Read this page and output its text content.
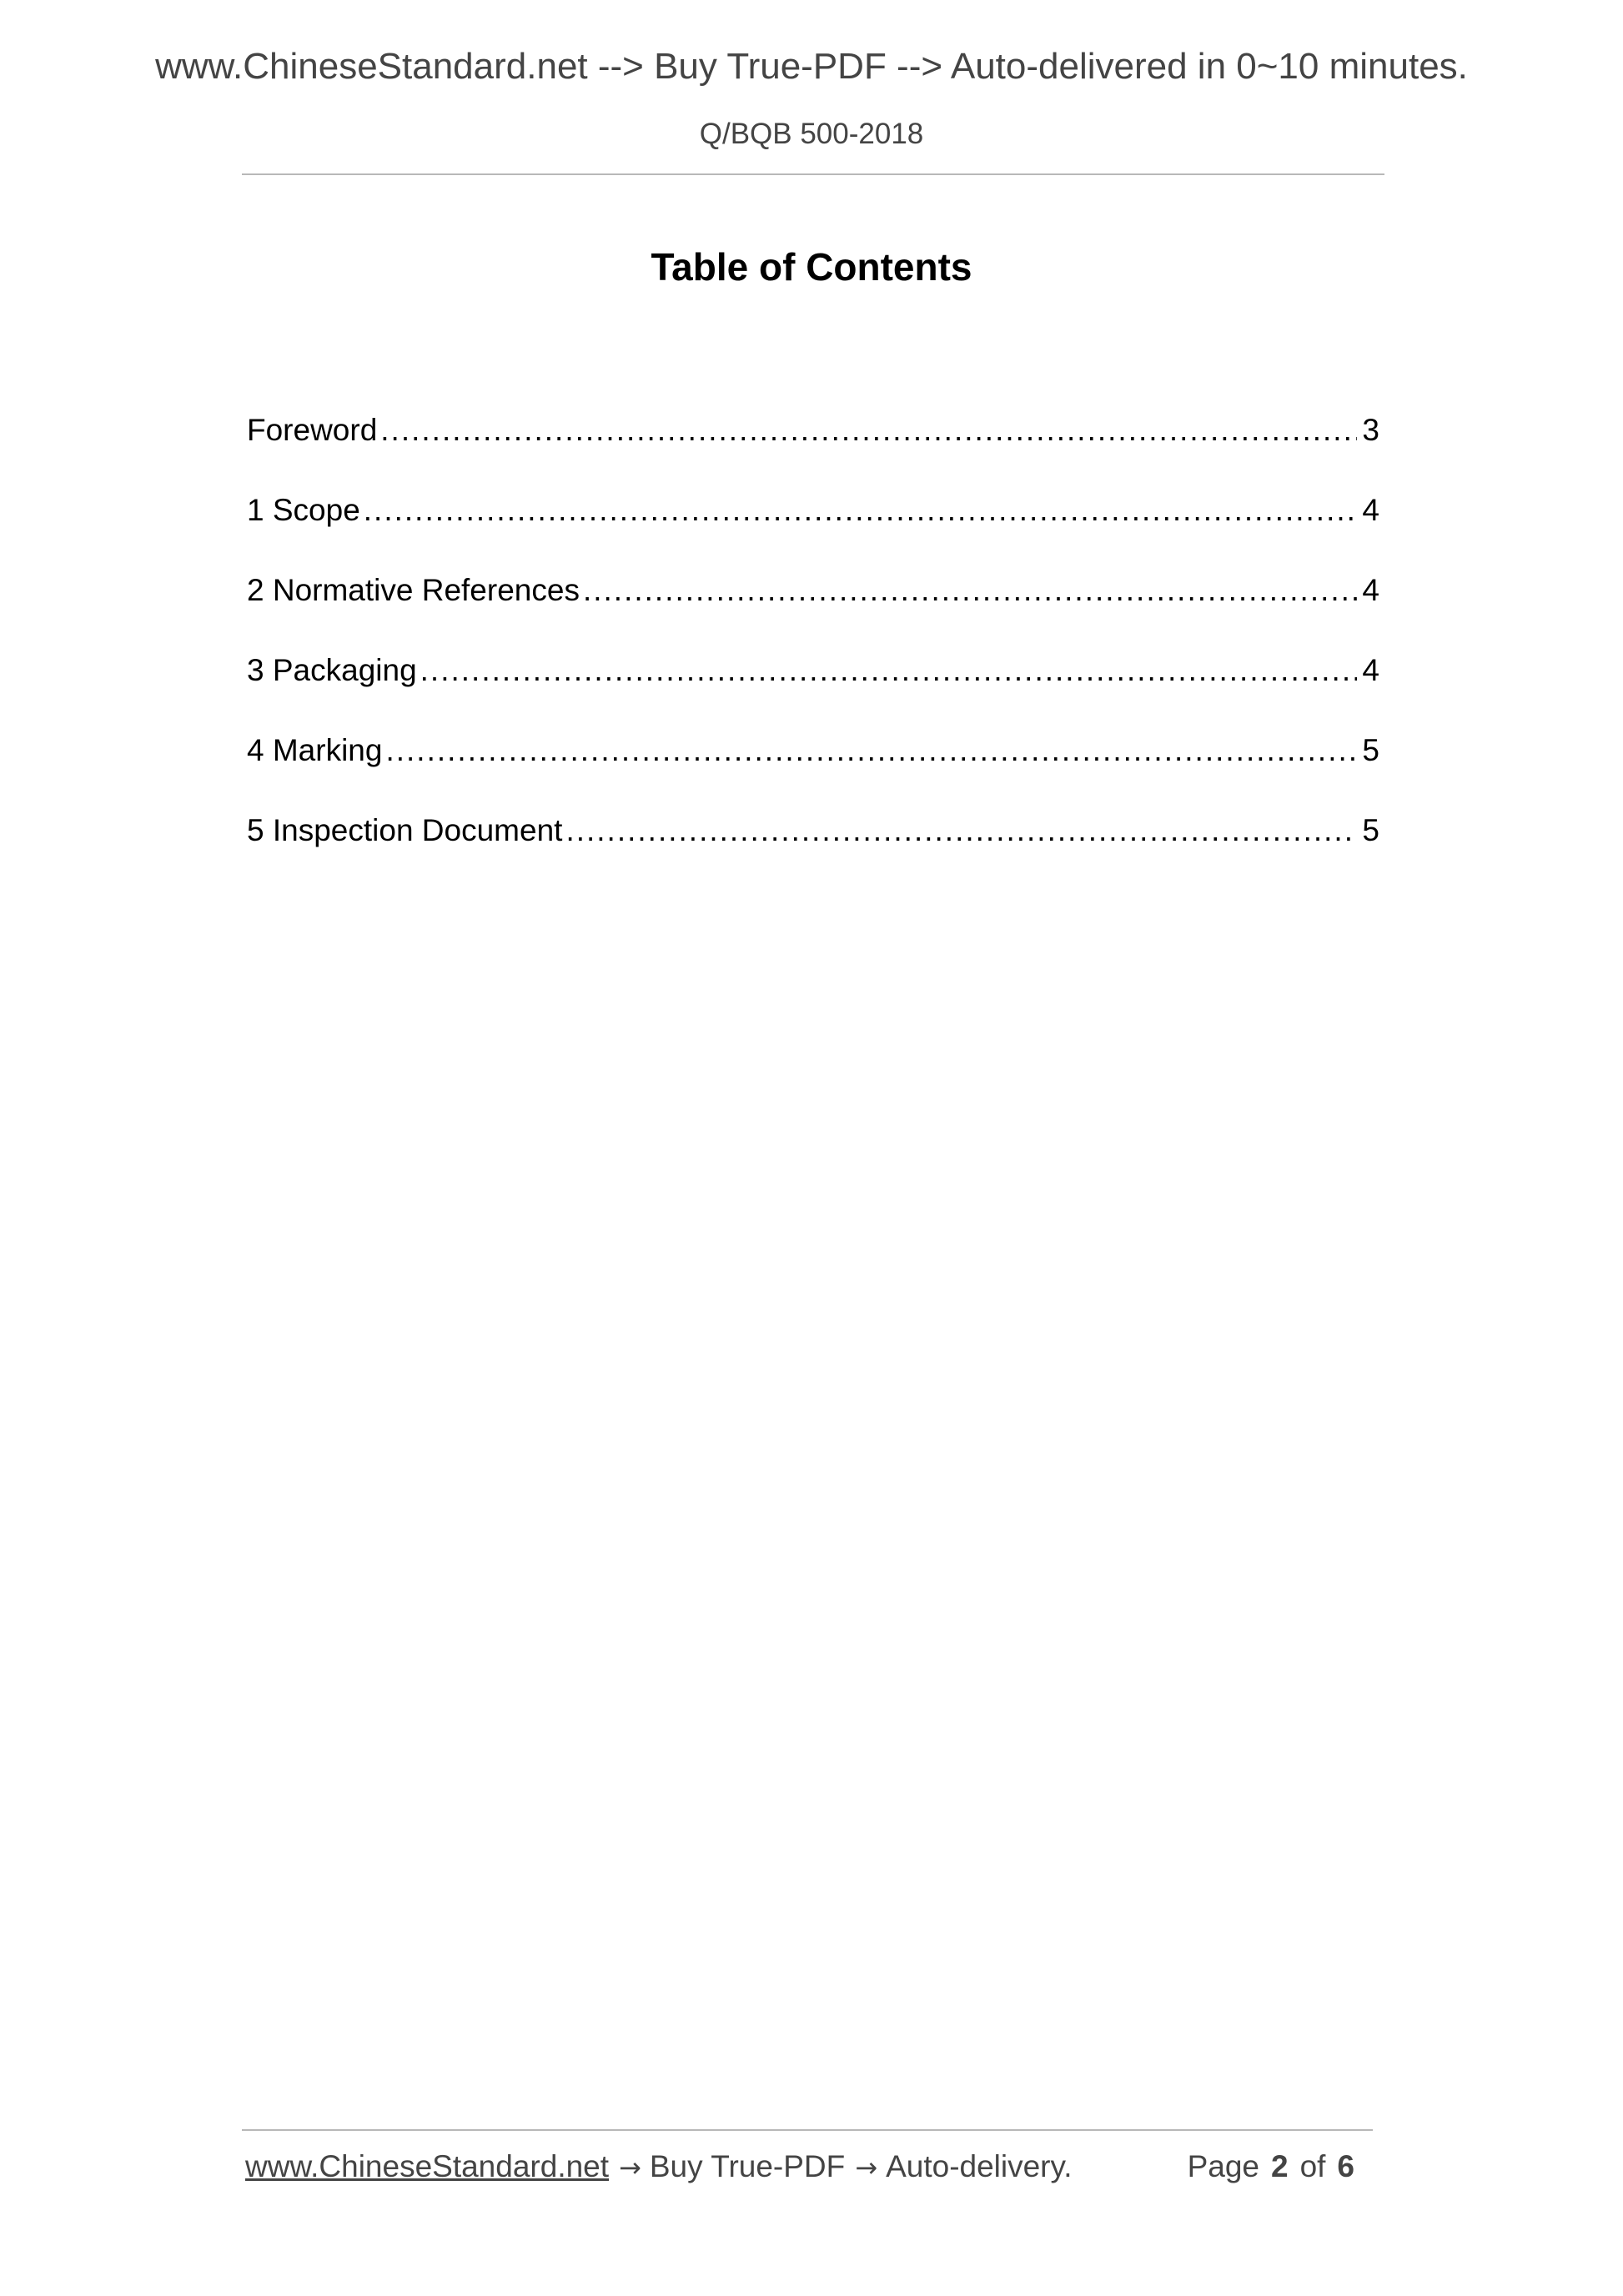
www.ChineseStandard.net --> Buy True-PDF --> Auto-delivered in 0~10 minutes.
Q/BQB 500-2018
Table of Contents
Foreword .....	3
1 Scope .....	4
2 Normative References .....	4
3 Packaging .....	4
4 Marking .....	5
5 Inspection Document .....	5
www.ChineseStandard.net → Buy True-PDF → Auto-delivery.	Page 2 of 6
